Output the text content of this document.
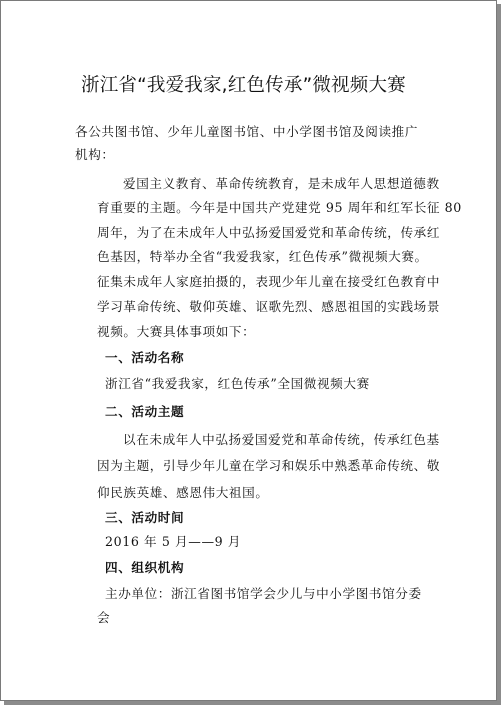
浙江省“我爱我家,红色传承”微视频大赛
各公共图书馆、少年儿童图书馆、中小学图书馆及阅读推广
机构：
爱国主义教育、革命传统教育，是未成年人思想道德教
育重要的主题。今年是中国共产党建党 95 周年和红军长征 80
周年，为了在未成年人中弘扬爱国爱党和革命传统，传承红
色基因，特举办全省“我爱我家，红色传承”微视频大赛。
征集未成年人家庭拍摄的，表现少年儿童在接受红色教育中
学习革命传统、敬仰英雄、讴歌先烈、感恩祖国的实践场景
视频。大赛具体事项如下：
一、活动名称
浙江省“我爱我家，红色传承”全国微视频大赛
二、活动主题
以在未成年人中弘扬爱国爱党和革命传统，传承红色基
因为主题，引导少年儿童在学习和娱乐中熟悉革命传统、敬
仰民族英雄、感恩伟大祖国。
三、活动时间
2016 年 5 月——9 月
四、组织机构
主办单位：浙江省图书馆学会少儿与中小学图书馆分委
会
